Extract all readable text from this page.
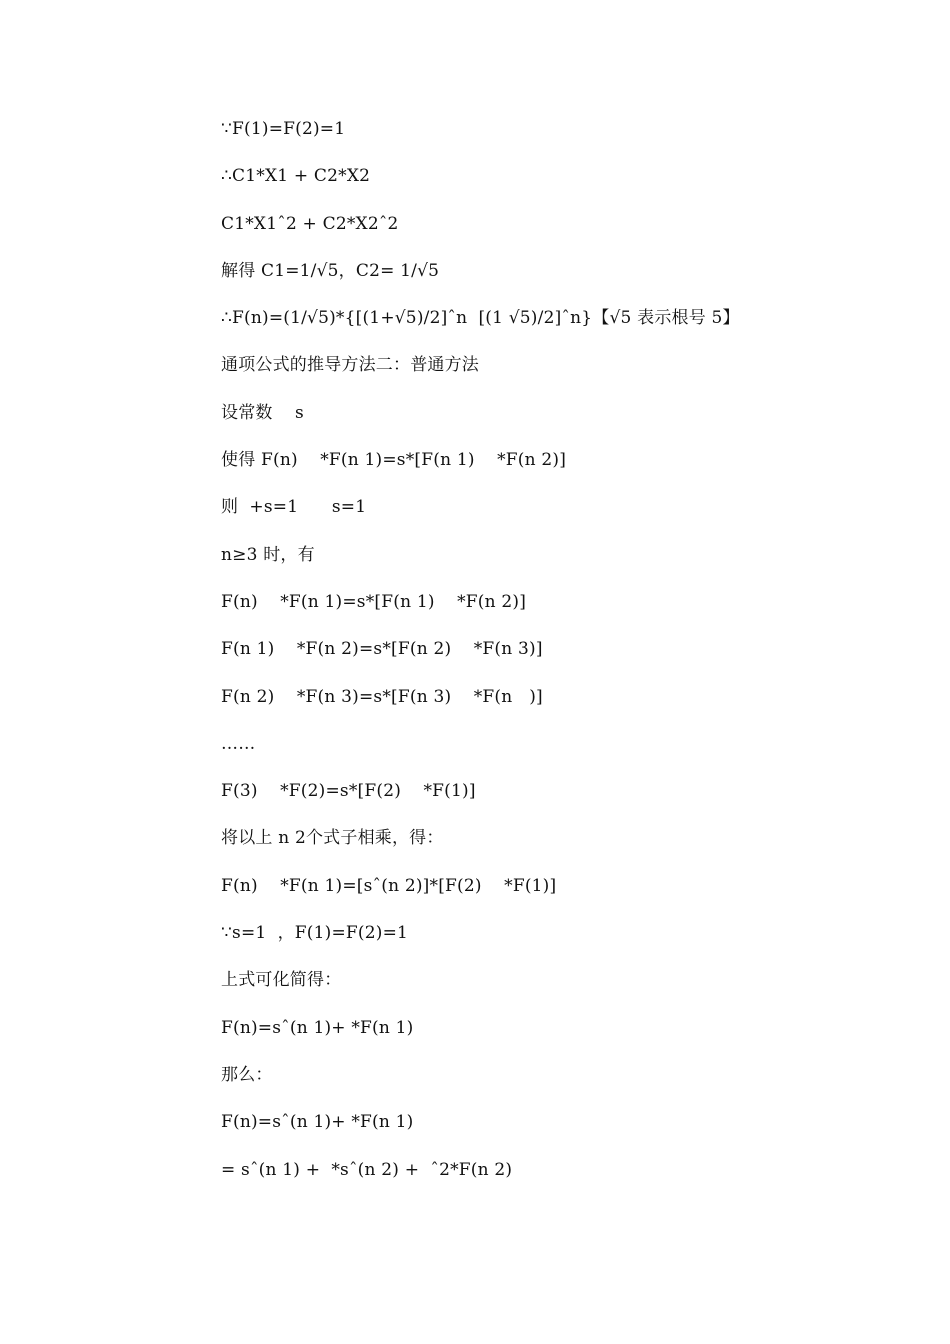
∵F(1)=F(2)=1
∴C1*X1 + C2*X2
C1*X1ˆ2 + C2*X2ˆ2
解得 C1=1/√5，C2= 1/√5
∴F(n)=(1/√5)*{[(1+√5)/2]ˆn  [(1 √5)/2]ˆn}【√5 表示根号 5】
通项公式的推导方法二：普通方法
设常数    s
使得 F(n)    *F(n 1)=s*[F(n 1)    *F(n 2)]
则  +s=1      s=1
n≥3 时，有
F(n)    *F(n 1)=s*[F(n 1)    *F(n 2)]
F(n 1)    *F(n 2)=s*[F(n 2)    *F(n 3)]
F(n 2)    *F(n 3)=s*[F(n 3)    *F(n   )]
……
F(3)    *F(2)=s*[F(2)    *F(1)]
将以上 n 2个式子相乘，得：
F(n)    *F(n 1)=[sˆ(n 2)]*[F(2)    *F(1)]
∵s=1  ，F(1)=F(2)=1
上式可化简得：
F(n)=sˆ(n 1)+ *F(n 1)
那么：
F(n)=sˆ(n 1)+ *F(n 1)
= sˆ(n 1) +  *sˆ(n 2) +  ˆ2*F(n 2)
